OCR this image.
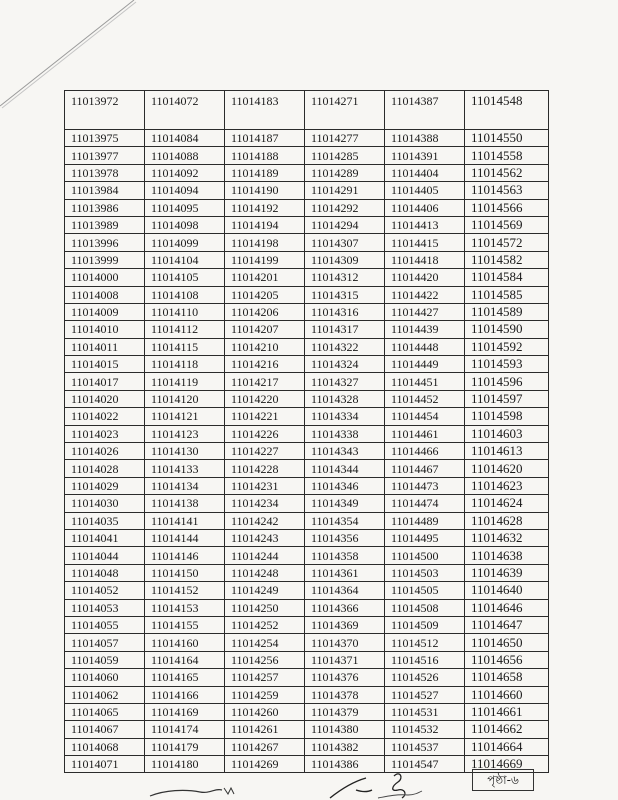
11013972	11014072	11014183	11014271	11014387	11014548
11013975	11014084	11014187	11014277	11014388	11014550
11013977	11014088	11014188	11014285	11014391	11014558
11013978	11014092	11014189	11014289	11014404	11014562
11013984	11014094	11014190	11014291	11014405	11014563
11013986	11014095	11014192	11014292	11014406	11014566
11013989	11014098	11014194	11014294	11014413	11014569
11013996	11014099	11014198	11014307	11014415	11014572
11013999	11014104	11014199	11014309	11014418	11014582
11014000	11014105	11014201	11014312	11014420	11014584
11014008	11014108	11014205	11014315	11014422	11014585
11014009	11014110	11014206	11014316	11014427	11014589
11014010	11014112	11014207	11014317	11014439	11014590
11014011	11014115	11014210	11014322	11014448	11014592
11014015	11014118	11014216	11014324	11014449	11014593
11014017	11014119	11014217	11014327	11014451	11014596
11014020	11014120	11014220	11014328	11014452	11014597
11014022	11014121	11014221	11014334	11014454	11014598
11014023	11014123	11014226	11014338	11014461	11014603
11014026	11014130	11014227	11014343	11014466	11014613
11014028	11014133	11014228	11014344	11014467	11014620
11014029	11014134	11014231	11014346	11014473	11014623
11014030	11014138	11014234	11014349	11014474	11014624
11014035	11014141	11014242	11014354	11014489	11014628
11014041	11014144	11014243	11014356	11014495	11014632
11014044	11014146	11014244	11014358	11014500	11014638
11014048	11014150	11014248	11014361	11014503	11014639
11014052	11014152	11014249	11014364	11014505	11014640
11014053	11014153	11014250	11014366	11014508	11014646
11014055	11014155	11014252	11014369	11014509	11014647
11014057	11014160	11014254	11014370	11014512	11014650
11014059	11014164	11014256	11014371	11014516	11014656
11014060	11014165	11014257	11014376	11014526	11014658
11014062	11014166	11014259	11014378	11014527	11014660
11014065	11014169	11014260	11014379	11014531	11014661
11014067	11014174	11014261	11014380	11014532	11014662
11014068	11014179	11014267	11014382	11014537	11014664
11014071	11014180	11014269	11014386	11014547	11014669
পৃষ্ঠা-৬
